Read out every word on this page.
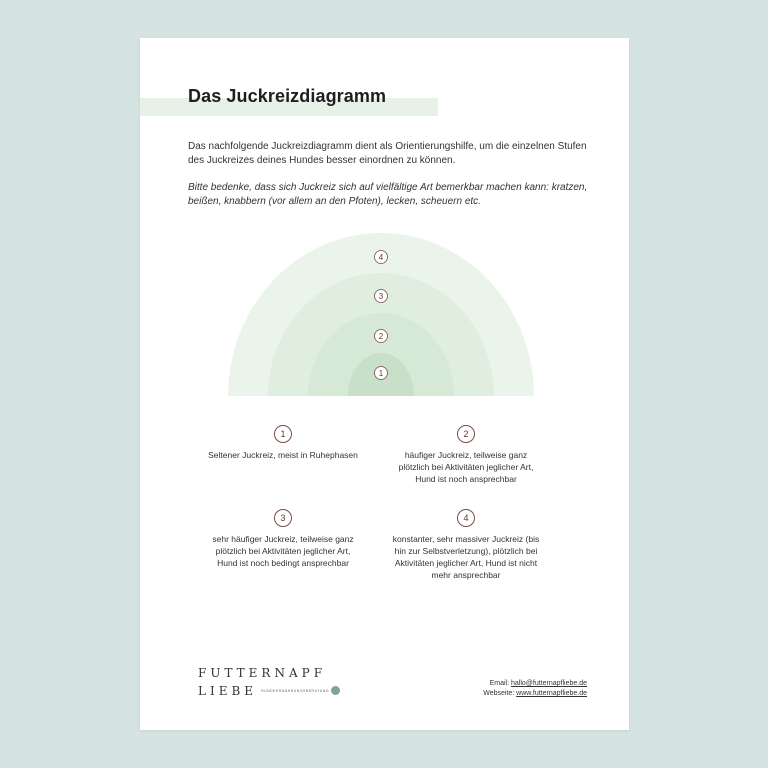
Das Juckreizdiagramm

Das nachfolgende Juckreizdiagramm dient als Orientierungshilfe, um die einzelnen Stufen des Juckreizes deines Hundes besser einordnen zu können.

Bitte bedenke, dass sich Juckreiz sich auf vielfältige Art bemerkbar machen kann: kratzen, beißen, knabbern (vor allem an den Pfoten), lecken, scheuern etc.

4
3
2
1
1
Seltener Juckreiz, meist in Ruhephasen
2
häufiger Juckreiz, teilweise ganz plötzlich bei Aktivitäten jeglicher Art, Hund ist noch ansprechbar
3
sehr häufiger Juckreiz, teilweise ganz plötzlich bei Aktivitäten jeglicher Art, Hund ist noch bedingt ansprechbar
4
konstanter, sehr massiver Juckreiz (bis hin zur Selbstverletzung), plötzlich bei Aktivitäten jeglicher Art, Hund ist nicht mehr ansprechbar
FUTTERNAPF
LIEBE HUNDEERNÄHRUNGSBERATUNG
Email: hallo@futternapfliebe.de
Webseite: www.futternapfliebe.de
